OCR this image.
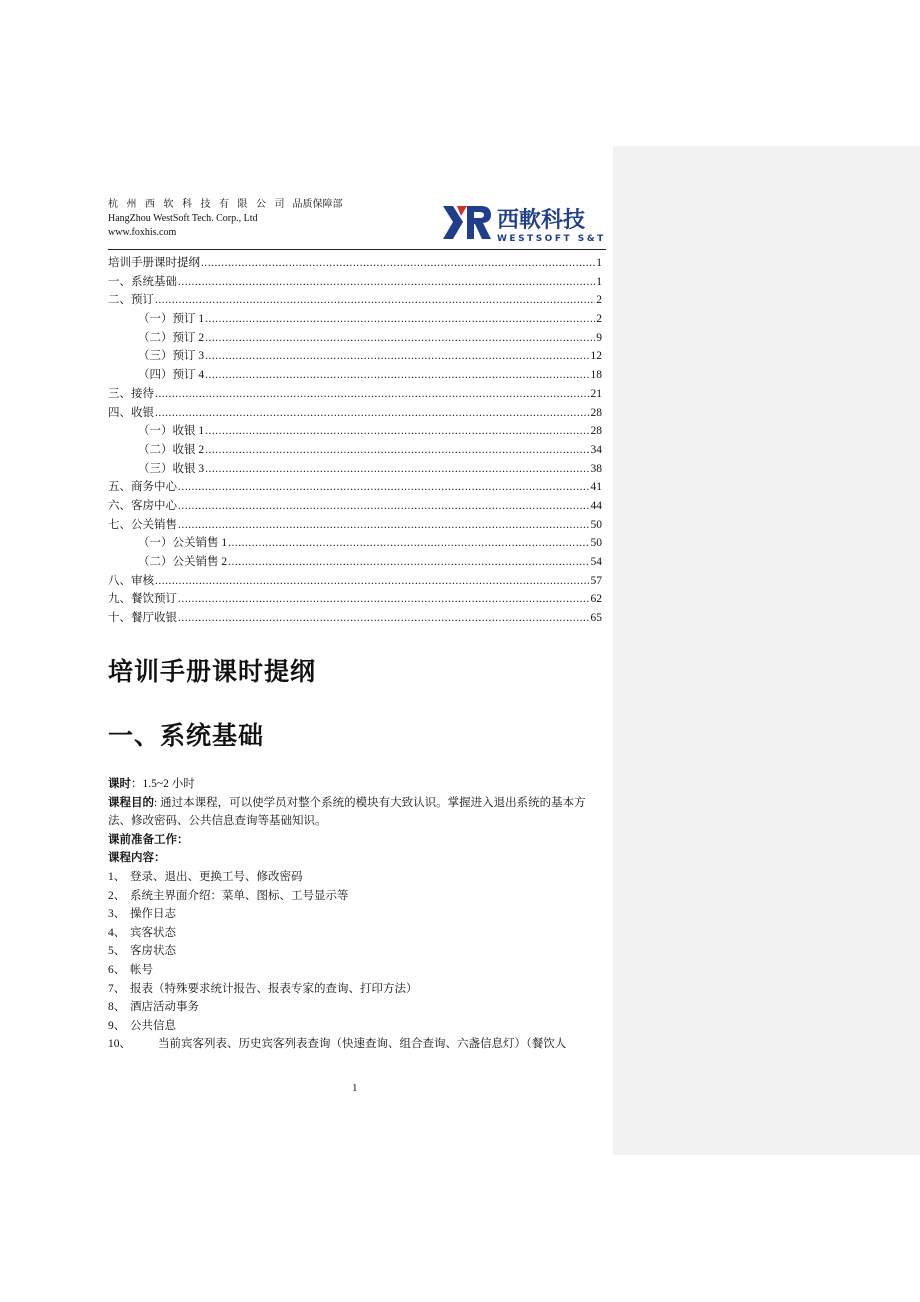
杭 州 西 软 科 技 有 限 公 司 品质保障部
HangZhou WestSoft Tech. Corp., Ltd
www.foxhis.com	西軟科技
WESTSOFT S&T
培训手册课时提纲 .....	1
一、系统基础 .....	1
二、预订 .....	2
（一）预订 1 .....	2
（二）预订 2 .....	9
（三）预订 3 .....	12
（四）预订 4 .....	18
三、接待 .....	21
四、收银 .....	28
（一）收银 1 .....	28
（二）收银 2 .....	34
（三）收银 3 .....	38
五、商务中心 .....	41
六、客房中心 .....	44
七、公关销售 .....	50
（一）公关销售 1 .....	50
（二）公关销售 2 .....	54
八、审核 .....	57
九、餐饮预订 .....	62
十、餐厅收银 .....	65
培训手册课时提纲
一、系统基础

课时：1.5~2 小时

课程目的: 通过本课程，可以使学员对整个系统的模块有大致认识。掌握进入退出系统的基本方法、修改密码、公共信息查询等基础知识。

课前准备工作：

课程内容：

1、 登录、退出、更换工号、修改密码
2、 系统主界面介绍：菜单、图标、工号显示等
3、 操作日志
4、 宾客状态
5、 客房状态
6、 帐号
7、 报表（特殊要求统计报告、报表专家的查询、打印方法）
8、 酒店活动事务
9、 公共信息
10、 当前宾客列表、历史宾客列表查询（快速查询、组合查询、六盏信息灯）（餐饮人
1
